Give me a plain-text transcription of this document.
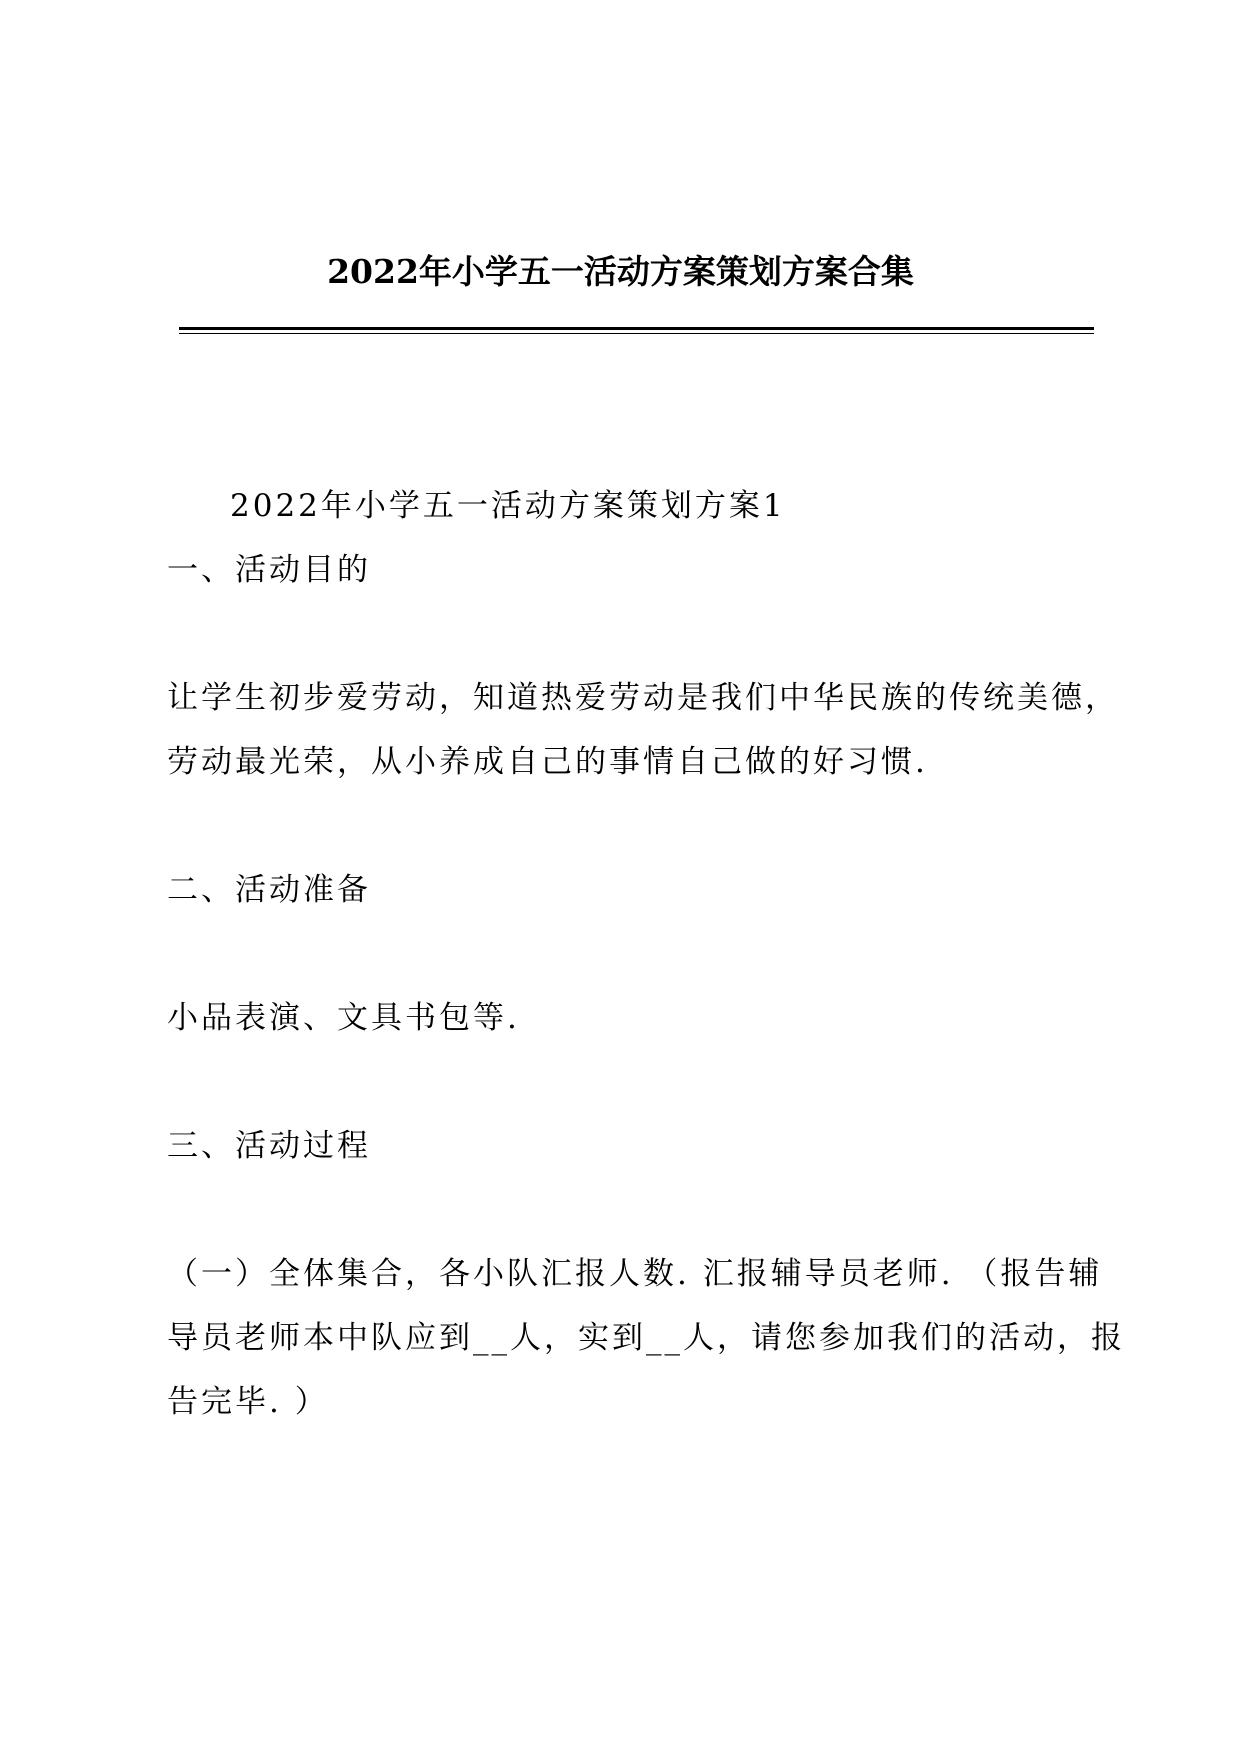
2022年小学五一活动方案策划方案合集
2022年小学五一活动方案策划方案1
一、活动目的
让学生初步爱劳动，知道热爱劳动是我们中华民族的传统美德，
劳动最光荣，从小养成自己的事情自己做的好习惯.
二、活动准备
小品表演、文具书包等.
三、活动过程
（一）全体集合，各小队汇报人数. 汇报辅导员老师. （报告辅
导员老师本中队应到__人，实到__人，请您参加我们的活动，报
告完毕. ）
